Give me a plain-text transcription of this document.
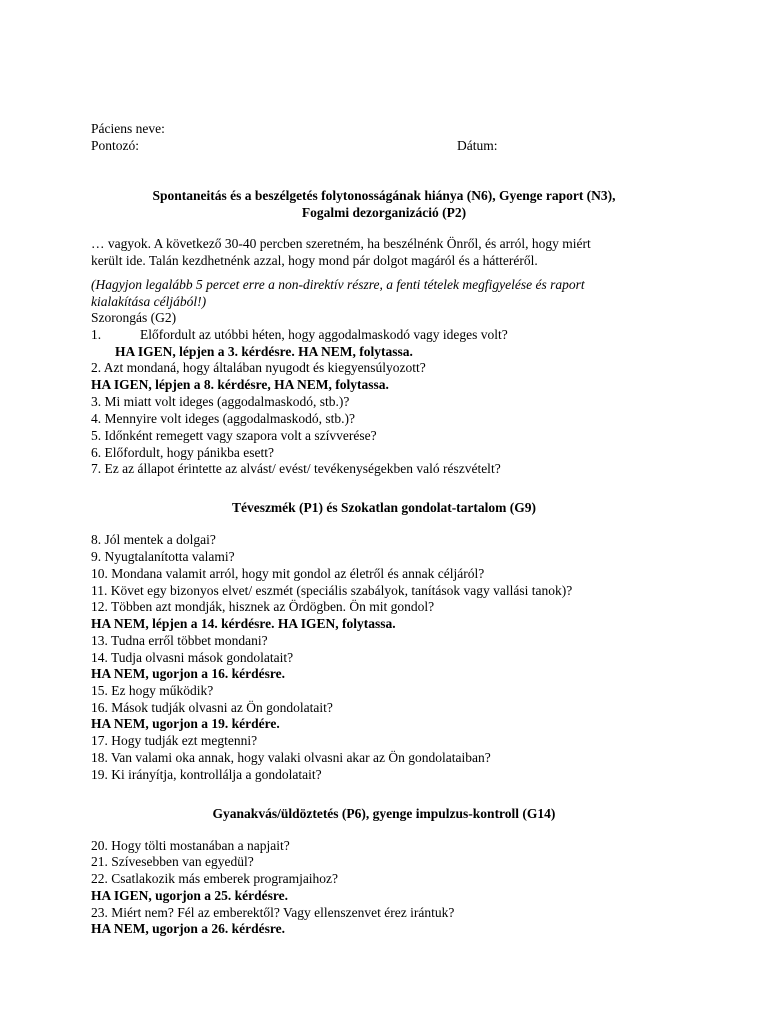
Páciens neve:
Pontozó:	Dátum:
Spontaneitás és a beszélgetés folytonosságának hiánya (N6), Gyenge raport (N3),
Fogalmi dezorganizáció (P2)
… vagyok. A következő 30-40 percben szeretném, ha beszélnénk Önről, és arról, hogy miért
került ide. Talán kezdhetnénk azzal, hogy mond pár dolgot magáról és a hátteréről.
(Hagyjon legalább 5 percet erre a non-direktív részre, a fenti tételek megfigyelése és raport
kialakítása céljából!)
Szorongás (G2)
1.	Előfordult az utóbbi héten, hogy aggodalmaskodó vagy ideges volt?
HA IGEN, lépjen a 3. kérdésre. HA NEM, folytassa.
2. Azt mondaná, hogy általában nyugodt és kiegyensúlyozott?
HA IGEN, lépjen a 8. kérdésre, HA NEM, folytassa.
3. Mi miatt volt ideges (aggodalmaskodó, stb.)?
4. Mennyire volt ideges (aggodalmaskodó, stb.)?
5. Időnként remegett vagy szapora volt a szívverése?
6. Előfordult, hogy pánikba esett?
7. Ez az állapot érintette az alvást/ evést/ tevékenységekben való részvételt?
Téveszmék (P1) és Szokatlan gondolat-tartalom (G9)
8. Jól mentek a dolgai?
9. Nyugtalanította valami?
10. Mondana valamit arról, hogy mit gondol az életről és annak céljáról?
11. Követ egy bizonyos elvet/ eszmét (speciális szabályok, tanítások vagy vallási tanok)?
12. Többen azt mondják, hisznek az Ördögben. Ön mit gondol?
HA NEM, lépjen a 14. kérdésre. HA IGEN, folytassa.
13. Tudna erről többet mondani?
14. Tudja olvasni mások gondolatait?
HA NEM, ugorjon a 16. kérdésre.
15. Ez hogy működik?
16. Mások tudják olvasni az Ön gondolatait?
HA NEM, ugorjon a 19. kérdére.
17. Hogy tudják ezt megtenni?
18. Van valami oka annak, hogy valaki olvasni akar az Ön gondolataiban?
19. Ki irányítja, kontrollálja a gondolatait?
Gyanakvás/üldöztetés (P6), gyenge impulzus-kontroll (G14)
20. Hogy tölti mostanában a napjait?
21. Szívesebben van egyedül?
22. Csatlakozik más emberek programjaihoz?
HA IGEN, ugorjon a 25. kérdésre.
23. Miért nem? Fél az emberektől? Vagy ellenszenvet érez irántuk?
HA NEM, ugorjon a 26. kérdésre.
